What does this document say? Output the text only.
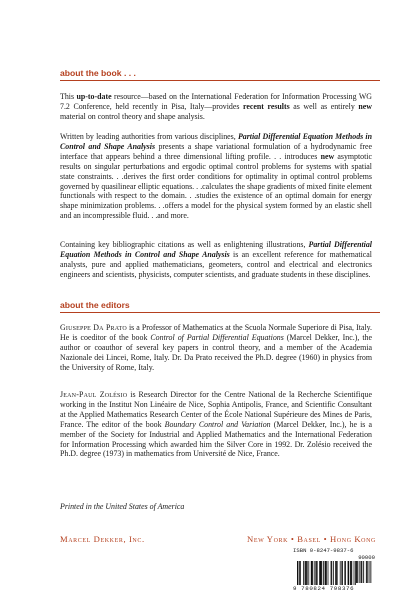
about the book . . .

This up-to-date resource—based on the International Federation for Information Processing WG 7.2 Conference, held recently in Pisa, Italy—provides recent results as well as entirely new material on control theory and shape analysis.

Written by leading authorities from various disciplines, Partial Differential Equation Methods in Control and Shape Analysis presents a shape variational formulation of a hydrodynamic free interface that appears behind a three dimensional lifting profile. . . introduces new asymptotic results on singular perturbations and ergodic optimal control problems for systems with spatial state constraints. . .derives the first order conditions for optimality in optimal control problems governed by quasilinear elliptic equations. . .calculates the shape gradients of mixed finite element functionals with respect to the domain. . .studies the existence of an optimal domain for energy shape minimization problems. . .offers a model for the physical system formed by an elastic shell and an incompressible fluid. . .and more.

Containing key bibliographic citations as well as enlightening illustrations, Partial Differential Equation Methods in Control and Shape Analysis is an excellent reference for mathematical analysts, pure and applied mathematicians, geometers, control and electrical and electronics engineers and scientists, physicists, computer scientists, and graduate students in these disciplines.

about the editors

Giuseppe Da Prato is a Professor of Mathematics at the Scuola Normale Superiore di Pisa, Italy. He is coeditor of the book Control of Partial Differential Equations (Marcel Dekker, Inc.), the author or coauthor of several key papers in control theory, and a member of the Academia Nazionale dei Lincei, Rome, Italy. Dr. Da Prato received the Ph.D. degree (1960) in physics from the University of Rome, Italy.

Jean-Paul Zolésio is Research Director for the Centre National de la Recherche Scientifique working in the Institut Non Linéaire de Nice, Sophia Antipolis, France, and Scientific Consultant at the Applied Mathematics Research Center of the École National Supérieure des Mines de Paris, France. The editor of the book Boundary Control and Variation (Marcel Dekker, Inc.), he is a member of the Society for Industrial and Applied Mathematics and the International Federation for Information Processing which awarded him the Silver Core in 1992. Dr. Zolésio received the Ph.D. degree (1973) in mathematics from Université de Nice, France.

Printed in the United States of America

Marcel Dekker, Inc.	New York • Basel • Hong Kong
ISBN 0-8247-9837-6
90000
9 780824 798376
